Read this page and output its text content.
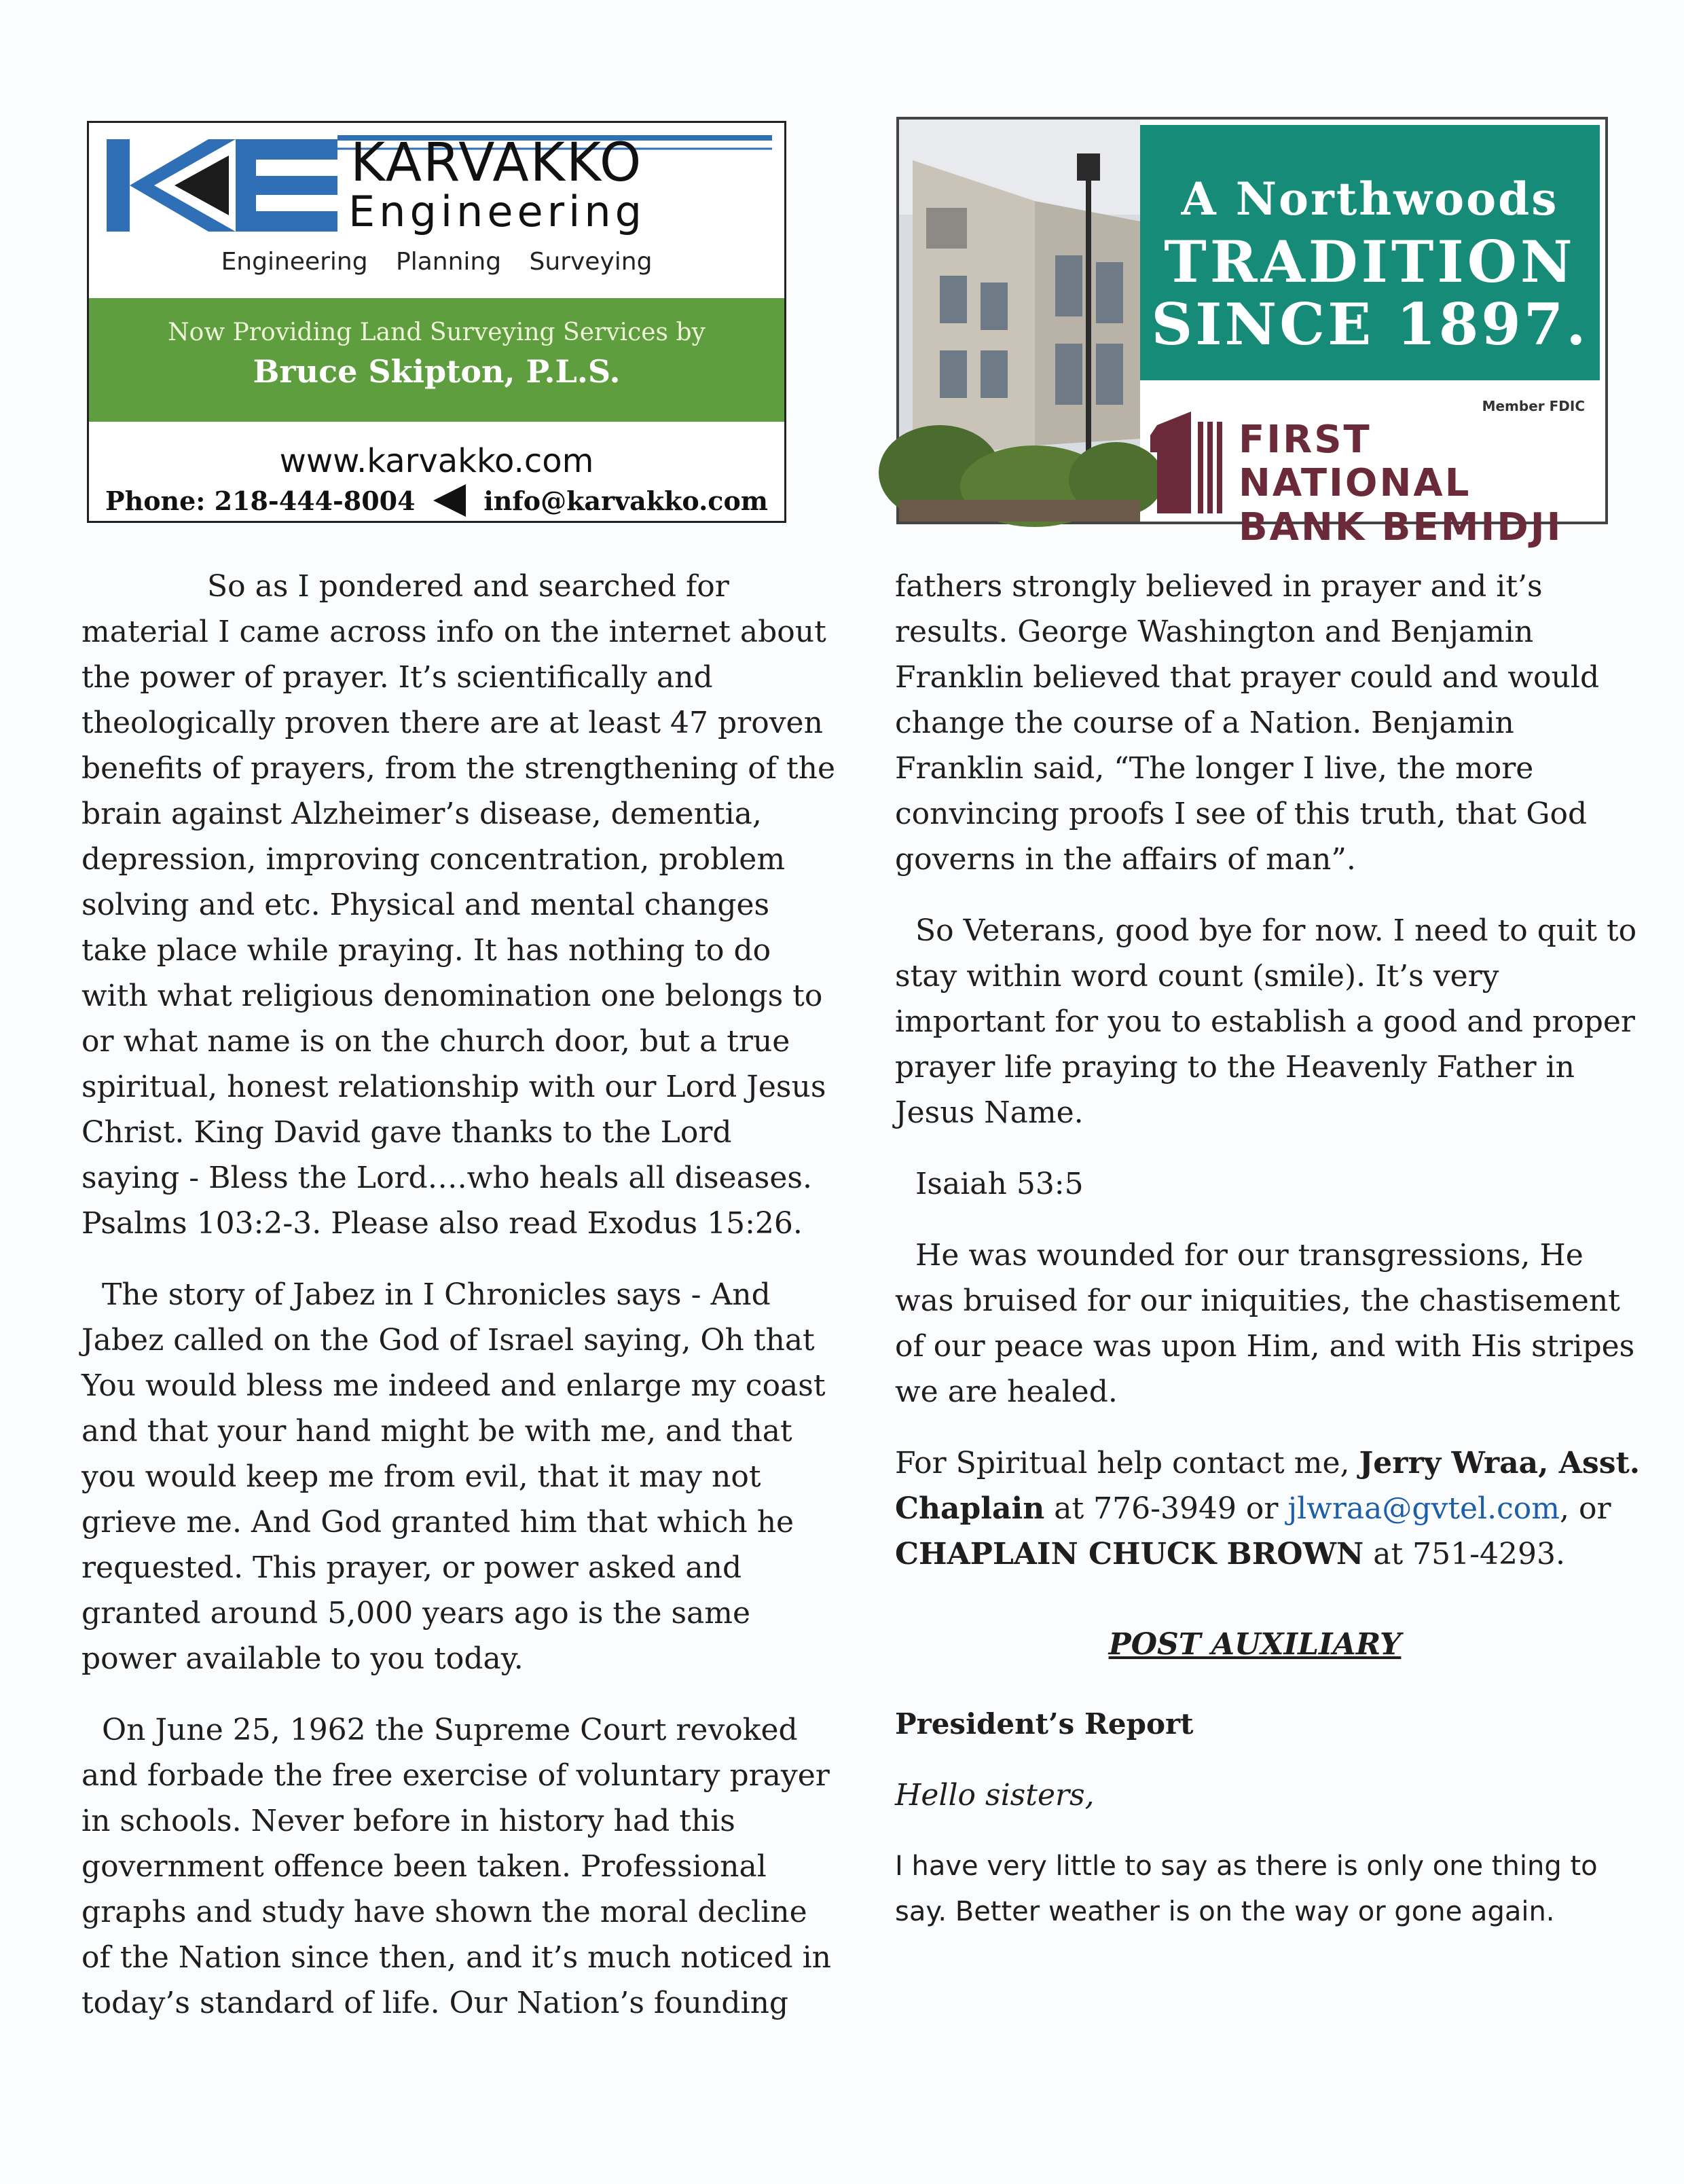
KARVAKKO
Engineering
Engineering Planning Surveying
Now Providing Land Surveying Services by
Bruce Skipton, P.L.S.
www.karvakko.com
Phone: 218-444-8004	info@karvakko.com
A Northwoods
TRADITION
SINCE 1897.
Member FDIC
FIRST NATIONAL
BANK BEMIDJI

So as I pondered and searched for
material I came across info on the internet about
the power of prayer. It’s scientifically and
theologically proven there are at least 47 proven
benefits of prayers, from the strengthening of the
brain against Alzheimer’s disease, dementia,
depression, improving concentration, problem
solving and etc. Physical and mental changes
take place while praying. It has nothing to do
with what religious denomination one belongs to
or what name is on the church door, but a true
spiritual, honest relationship with our Lord Jesus
Christ. King David gave thanks to the Lord
saying - Bless the Lord….who heals all diseases.
Psalms 103:2-3. Please also read Exodus 15:26.

The story of Jabez in I Chronicles says - And
Jabez called on the God of Israel saying, Oh that
You would bless me indeed and enlarge my coast
and that your hand might be with me, and that
you would keep me from evil, that it may not
grieve me. And God granted him that which he
requested. This prayer, or power asked and
granted around 5,000 years ago is the same
power available to you today.

On June 25, 1962 the Supreme Court revoked
and forbade the free exercise of voluntary prayer
in schools. Never before in history had this
government offence been taken. Professional
graphs and study have shown the moral decline
of the Nation since then, and it’s much noticed in
today’s standard of life. Our Nation’s founding

fathers strongly believed in prayer and it’s
results. George Washington and Benjamin
Franklin believed that prayer could and would
change the course of a Nation. Benjamin
Franklin said, “The longer I live, the more
convincing proofs I see of this truth, that God
governs in the affairs of man”.

So Veterans, good bye for now. I need to quit to
stay within word count (smile). It’s very
important for you to establish a good and proper
prayer life praying to the Heavenly Father in
Jesus Name.

Isaiah 53:5

He was wounded for our transgressions, He
was bruised for our iniquities, the chastisement
of our peace was upon Him, and with His stripes
we are healed.

For Spiritual help contact me, Jerry Wraa, Asst.
Chaplain at 776-3949 or jlwraa@gvtel.com, or
CHAPLAIN CHUCK BROWN at 751-4293.

POST AUXILIARY

President’s Report

Hello sisters,

I have very little to say as there is only one thing to
say. Better weather is on the way or gone again.
